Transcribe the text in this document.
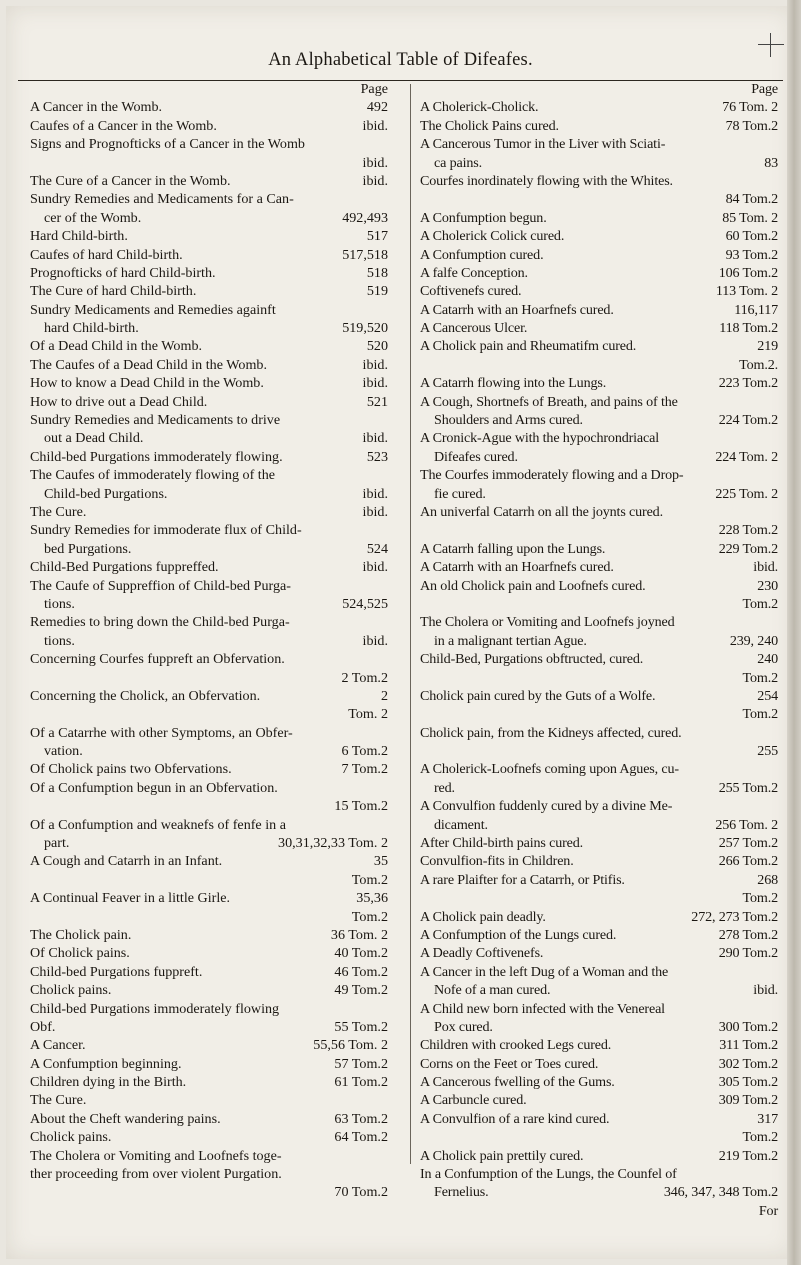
An Alphabetical Table of Difeafes.
Page
A Cancer in the Womb.	492
Caufes of a Cancer in the Womb.	ibid.
Signs and Prognofticks of a Cancer in the Womb
ibid.
The Cure of a Cancer in the Womb.	ibid.
Sundry Remedies and Medicaments for a Can-
cer of the Womb.	492,493
Hard Child-birth.	517
Caufes of hard Child-birth.	517,518
Prognofticks of hard Child-birth.	518
The Cure of hard Child-birth.	519
Sundry Medicaments and Remedies againft
hard Child-birth.	519,520
Of a Dead Child in the Womb.	520
The Caufes of a Dead Child in the Womb.	ibid.
How to know a Dead Child in the Womb.	ibid.
How to drive out a Dead Child.	521
Sundry Remedies and Medicaments to drive
out a Dead Child.	ibid.
Child-bed Purgations immoderately flowing.	523
The Caufes of immoderately flowing of the
Child-bed Purgations.	ibid.
The Cure.	ibid.
Sundry Remedies for immoderate flux of Child-
bed Purgations.	524
Child-Bed Purgations fuppreffed.	ibid.
The Caufe of Suppreffion of Child-bed Purga-
tions.	524,525
Remedies to bring down the Child-bed Purga-
tions.	ibid.
Concerning Courfes fuppreft an Obfervation.
2 Tom.2
Concerning the Cholick, an Obfervation.	2
Tom. 2
Of a Catarrhe with other Symptoms, an Obfer-
vation.	6 Tom.2
Of Cholick pains two Obfervations.	7 Tom.2
Of a Confumption begun in an Obfervation.
15 Tom.2
Of a Confumption and weaknefs of fenfe in a
part.	30,31,32,33 Tom. 2
A Cough and Catarrh in an Infant.	35
Tom.2
A Continual Feaver in a little Girle.	35,36
Tom.2
The Cholick pain.	36 Tom. 2
Of Cholick pains.	40 Tom.2
Child-bed Purgations fuppreft.	46 Tom.2
Cholick pains.	49 Tom.2
Child-bed Purgations immoderately flowing
Obf.	55 Tom.2
A Cancer.	55,56 Tom. 2
A Confumption beginning.	57 Tom.2
Children dying in the Birth.	61 Tom.2
The Cure.
About the Cheft wandering pains.	63 Tom.2
Cholick pains.	64 Tom.2
The Cholera or Vomiting and Loofnefs toge-
ther proceeding from over violent Purgation.
70 Tom.2
Page
A Cholerick-Cholick.	76 Tom. 2
The Cholick Pains cured.	78 Tom.2
A Cancerous Tumor in the Liver with Sciati-
ca pains.	83
Courfes inordinately flowing with the Whites.
84 Tom.2
A Confumption begun.	85 Tom. 2
A Cholerick Colick cured.	60 Tom.2
A Confumption cured.	93 Tom.2
A falfe Conception.	106 Tom.2
Coftivenefs cured.	113 Tom. 2
A Catarrh with an Hoarfnefs cured.	116,117
A Cancerous Ulcer.	118 Tom.2
A Cholick pain and Rheumatifm cured.	219
Tom.2.
A Catarrh flowing into the Lungs.	223 Tom.2
A Cough, Shortnefs of Breath, and pains of the
Shoulders and Arms cured.	224 Tom.2
A Cronick-Ague with the hypochrondriacal
Difeafes cured.	224 Tom. 2
The Courfes immoderately flowing and a Drop-
fie cured.	225 Tom. 2
An univerfal Catarrh on all the joynts cured.
228 Tom.2
A Catarrh falling upon the Lungs.	229 Tom.2
A Catarrh with an Hoarfnefs cured.	ibid.
An old Cholick pain and Loofnefs cured.	230
Tom.2
The Cholera or Vomiting and Loofnefs joyned
in a malignant tertian Ague.	239, 240
Child-Bed, Purgations obftructed, cured.	240
Tom.2
Cholick pain cured by the Guts of a Wolfe.	254
Tom.2
Cholick pain, from the Kidneys affected, cured.
255
A Cholerick-Loofnefs coming upon Agues, cu-
red.	255 Tom.2
A Convulfion fuddenly cured by a divine Me-
dicament.	256 Tom. 2
After Child-birth pains cured.	257 Tom.2
Convulfion-fits in Children.	266 Tom.2
A rare Plaifter for a Catarrh, or Ptifis.	268
Tom.2
A Cholick pain deadly.	272, 273 Tom.2
A Confumption of the Lungs cured.	278 Tom.2
A Deadly Coftivenefs.	290 Tom.2
A Cancer in the left Dug of a Woman and the
Nofe of a man cured.	ibid.
A Child new born infected with the Venereal
Pox cured.	300 Tom.2
Children with crooked Legs cured.	311 Tom.2
Corns on the Feet or Toes cured.	302 Tom.2
A Cancerous fwelling of the Gums.	305 Tom.2
A Carbuncle cured.	309 Tom.2
A Convulfion of a rare kind cured.	317
Tom.2
A Cholick pain prettily cured.	219 Tom.2
In a Confumption of the Lungs, the Counfel of
Fernelius.	346, 347, 348 Tom.2
For
